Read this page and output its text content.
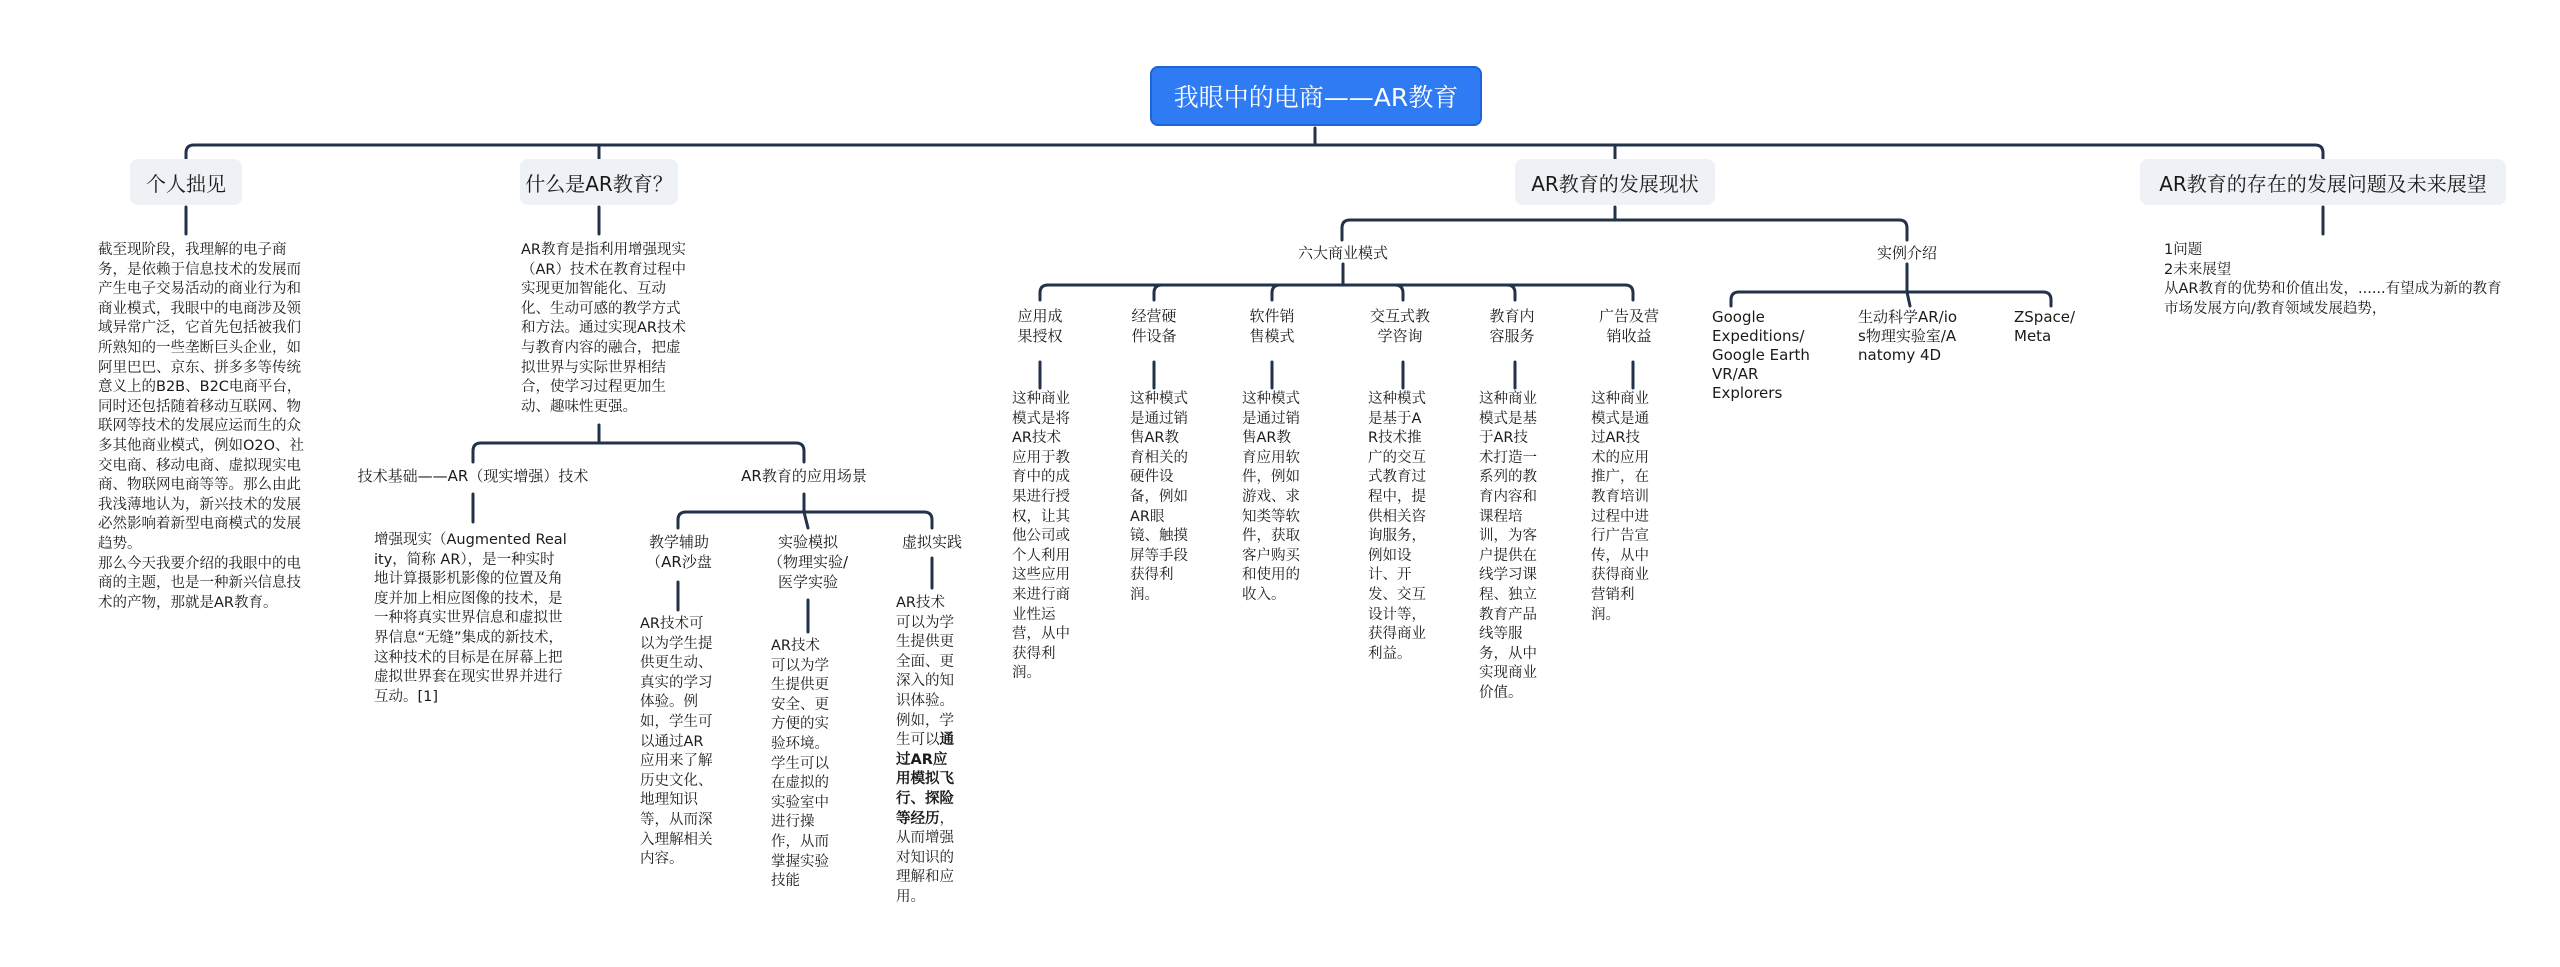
我眼中的电商——AR教育
个人拙见	什么是AR教育？	AR教育的发展现状	AR教育的存在的发展问题及未来展望
截至现阶段，我理解的电子商务，是依赖于信息技术的发展而产生电子交易活动的商业行为和商业模式，我眼中的电商涉及领域异常广泛，它首先包括被我们所熟知的一些垄断巨头企业，如阿里巴巴、京东、拼多多等传统意义上的B2B、B2C电商平台，同时还包括随着移动互联网、物联网等技术的发展应运而生的众多其他商业模式，例如O2O、社交电商、移动电商、虚拟现实电商、物联网电商等等。那么由此我浅薄地认为，新兴技术的发展必然影响着新型电商模式的发展趋势。
那么今天我要介绍的我眼中的电商的主题，也是一种新兴信息技术的产物，那就是AR教育。
AR教育是指利用增强现实（AR）技术在教育过程中实现更加智能化、互动化、生动可感的教学方式和方法。通过实现AR技术与教育内容的融合，把虚拟世界与实际世界相结合，使学习过程更加生动、趣味性更强。
技术基础——AR（现实增强）技术
增强现实（Augmented Reality，简称 AR），是一种实时地计算摄影机影像的位置及角度并加上相应图像的技术，是一种将真实世界信息和虚拟世界信息“无缝”集成的新技术，这种技术的目标是在屏幕上把虚拟世界套在现实世界并进行互动。[1]
AR教育的应用场景
教学辅助（AR沙盘
AR技术可以为学生提供更生动、真实的学习体验。例如，学生可以通过AR应用来了解历史文化、地理知识等，从而深入理解相关内容。
实验模拟（物理实验/医学实验
AR技术可以为学生提供更安全、更方便的实验环境。学生可以在虚拟的实验室中进行操作，从而掌握实验技能
虚拟实践
AR技术可以为学生提供更全面、更深入的知识体验。例如，学生可以通过AR应用模拟飞行、探险等经历，从而增强对知识的理解和应用。
六大商业模式	实例介绍
应用成果授权
这种商业模式是将AR技术应用于教育中的成果进行授权，让其他公司或个人利用这些应用来进行商业性运营，从中获得利润。
经营硬件设备
这种模式是通过销售AR教育相关的硬件设备，例如AR眼镜、触摸屏等手段获得利润。
软件销售模式
这种模式是通过销售AR教育应用软件，例如游戏、求知类等软件，获取客户购买和使用的收入。
交互式教学咨询
这种模式是基于AR技术推广的交互式教育过程中，提供相关咨询服务，例如设计、开发、交互设计等，获得商业利益。
教育内容服务
这种商业模式是基于AR技术打造一系列的教育内容和课程培训，为客户提供在线学习课程、独立教育产品线等服务，从中实现商业价值。
广告及营销收益
这种商业模式是通过AR技术的应用推广，在教育培训过程中进行广告宣传，从中获得商业营销利润。
Google Expeditions/ Google Earth VR/AR Explorers
生动科学AR/ios物理实验室/Anatomy 4D
ZSpace/Meta
1问题
2未来展望
从AR教育的优势和价值出发，......有望成为新的教育市场发展方向/教育领域发展趋势，
